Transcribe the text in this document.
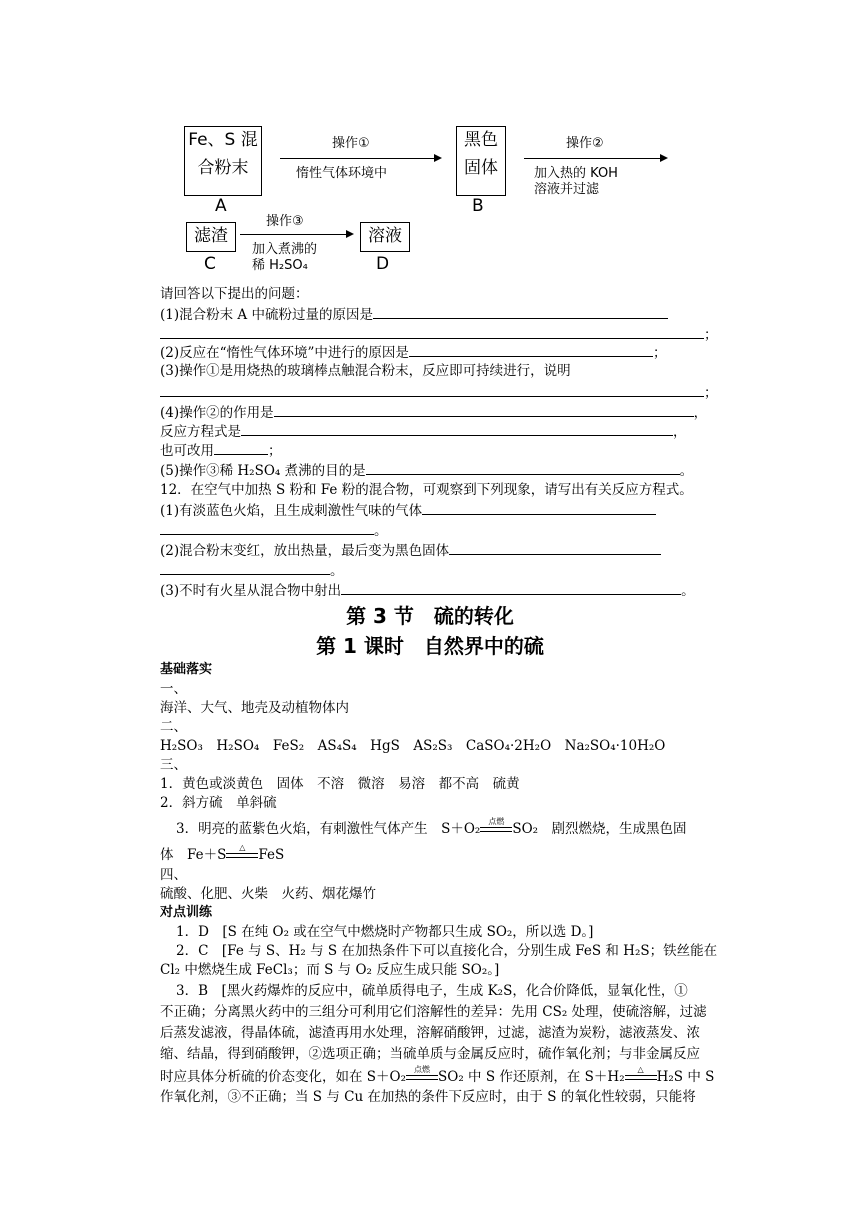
Fe、S 混
合粉末
A
操作①
惰性气体环境中
黑色
固体
B
操作②
加入热的 KOH
溶液并过滤
滤渣
C
操作③
加入煮沸的
稀 H₂SO₄
溶液
D
请回答以下提出的问题：
(1)混合粉末 A 中硫粉过量的原因是
；
(2)反应在“惰性气体环境”中进行的原因是	；
(3)操作①是用烧热的玻璃棒点触混合粉末，反应即可持续进行，说明
；
(4)操作②的作用是	，
反应方程式是	，
也可改用	；
(5)操作③稀 H₂SO₄ 煮沸的目的是	。
12．在空气中加热 S 粉和 Fe 粉的混合物，可观察到下列现象，请写出有关反应方程式。
(1)有淡蓝色火焰，且生成刺激性气味的气体
。
(2)混合粉末变红，放出热量，最后变为黑色固体
。
(3)不时有火星从混合物中射出	。
第 3 节　硫的转化
第 1 课时　自然界中的硫
基础落实
一、
海洋、大气、地壳及动植物体内
二、
H₂SO₃　H₂SO₄　FeS₂　AS₄S₄　HgS　AS₂S₃　CaSO₄·2H₂O　Na₂SO₄·10H₂O
三、
1．黄色或淡黄色　固体　不溶　微溶　易溶　都不高　硫黄
2．斜方硫　单斜硫
3．明亮的蓝紫色火焰，有刺激性气体产生　S＋O₂	点燃 SO₂　剧烈燃烧，生成黑色固
体　Fe＋S	△ FeS
四、
硫酸、化肥、火柴　火药、烟花爆竹
对点训练
1．D　[S 在纯 O₂ 或在空气中燃烧时产物都只生成 SO₂，所以选 D。]
2．C　[Fe 与 S、H₂ 与 S 在加热条件下可以直接化合，分别生成 FeS 和 H₂S；铁丝能在
Cl₂ 中燃烧生成 FeCl₃；而 S 与 O₂ 反应生成只能 SO₂。]
3．B　[黑火药爆炸的反应中，硫单质得电子，生成 K₂S，化合价降低，显氧化性，①
不正确；分离黑火药中的三组分可利用它们溶解性的差异：先用 CS₂ 处理，使硫溶解，过滤
后蒸发滤液，得晶体硫，滤渣再用水处理，溶解硝酸钾，过滤，滤渣为炭粉，滤液蒸发、浓
缩、结晶，得到硝酸钾，②选项正确；当硫单质与金属反应时，硫作氧化剂；与非金属反应
时应具体分析硫的价态变化，如在 S＋O₂	点燃 SO₂ 中 S 作还原剂，在 S＋H₂	△ H₂S 中 S
作氧化剂，③不正确；当 S 与 Cu 在加热的条件下反应时，由于 S 的氧化性较弱，只能将
